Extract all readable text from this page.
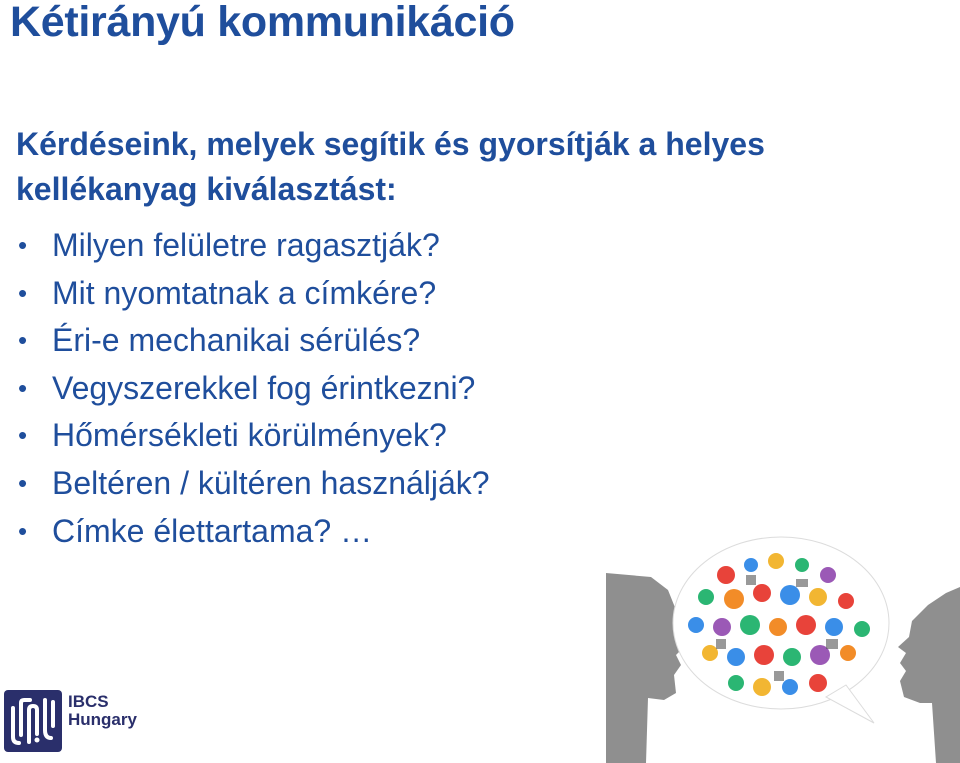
Kétirányú kommunikáció

Kérdéseink, melyek segítik és gyorsítják a helyes kellékanyag kiválasztást:

• Milyen felületre ragasztják?
• Mit nyomtatnak a címkére?
• Éri-e mechanikai sérülés?
• Vegyszerekkel fog érintkezni?
• Hőmérsékleti körülmények?
• Beltéren / kültéren használják?
• Címke élettartama? …
IBCS
Hungary
